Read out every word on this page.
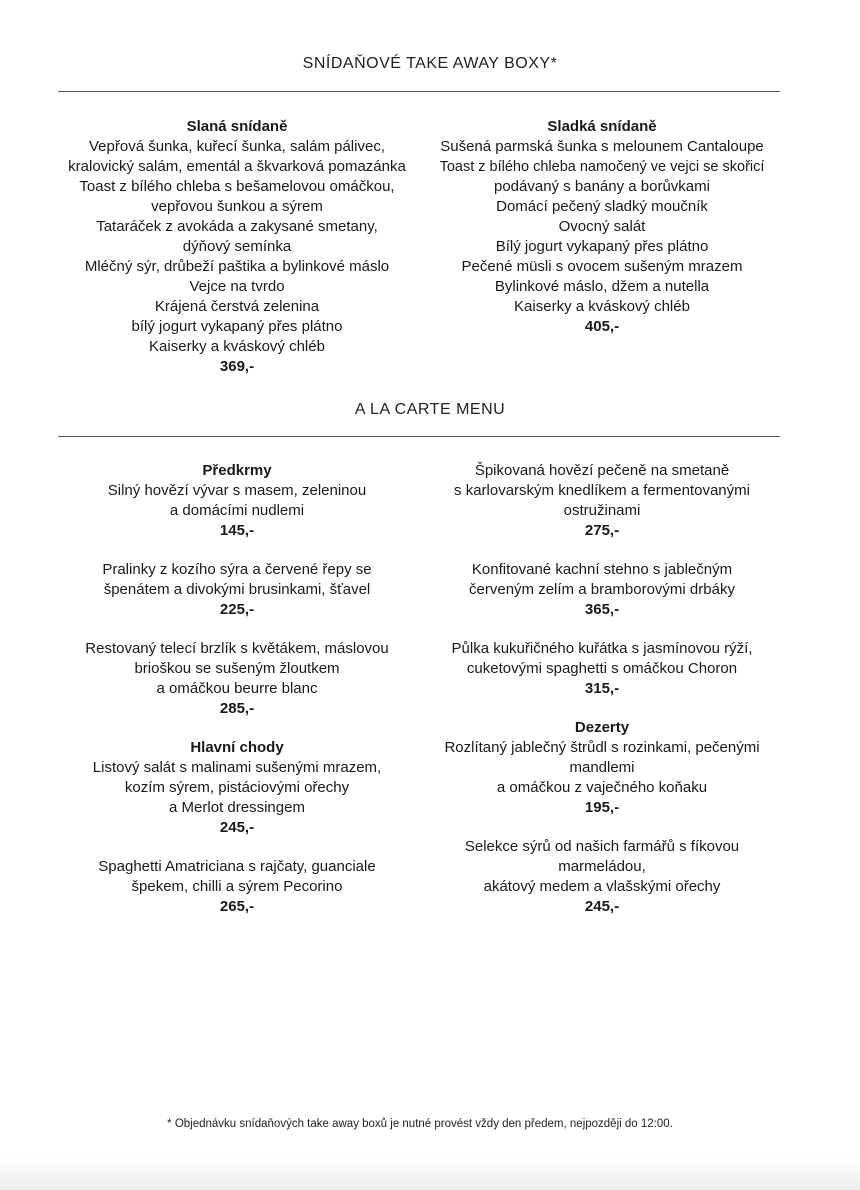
SNÍDAŇOVÉ TAKE AWAY BOXY*
Slaná snídaně
Vepřová šunka, kuřecí šunka, salám pálivec,
kralovický salám, ementál a škvarková pomazánka
Toast z bílého chleba s bešamelovou omáčkou,
vepřovou šunkou a sýrem
Tataráček z avokáda a zakysané smetany,
dýňový semínka
Mléčný sýr, drůbeží paštika a bylinkové máslo
Vejce na tvrdo
Krájená čerstvá zelenina
bílý jogurt vykapaný přes plátno
Kaiserky a kváskový chléb
369,-
Sladká snídaně
Sušená parmská šunka s melounem Cantaloupe
Toast z bílého chleba namočený ve vejci se skořicí
podávaný s banány a borůvkami
Domácí pečený sladký moučník
Ovocný salát
Bílý jogurt vykapaný přes plátno
Pečené müsli s ovocem sušeným mrazem
Bylinkové máslo, džem a nutella
Kaiserky a kváskový chléb
405,-
A LA CARTE MENU
Předkrmy
Silný hovězí vývar s masem, zeleninou
a domácími nudlemi
145,-
Pralinky z kozího sýra a červené řepy se
špenátem a divokými brusinkami, šťavel
225,-
Restovaný telecí brzlík s květákem, máslovou
brioškou se sušeným žloutkem
a omáčkou beurre blanc
285,-
Hlavní chody
Listový salát s malinami sušenými mrazem,
kozím sýrem, pistáciovými ořechy
a Merlot dressingem
245,-
Spaghetti Amatriciana s rajčaty, guanciale
špekem, chilli a sýrem Pecorino
265,-
Špikovaná hovězí pečeně na smetaně
s karlovarským knedlíkem a fermentovanými
ostružinami
275,-
Konfitované kachní stehno s jablečným
červeným zelím a bramborovými drbáky
365,-
Půlka kukuřičného kuřátka s jasmínovou rýží,
cuketovými spaghetti s omáčkou Choron
315,-
Dezerty
Rozlítaný jablečný štrůdl s rozinkami, pečenými
mandlemi
a omáčkou z vaječného koňaku
195,-
Selekce sýrů od našich farmářů s fíkovou
marmeládou,
akátový medem a vlašskými ořechy
245,-
* Objednávku snídaňových take away boxů je nutné provést vždy den předem, nejpozději do 12:00.
